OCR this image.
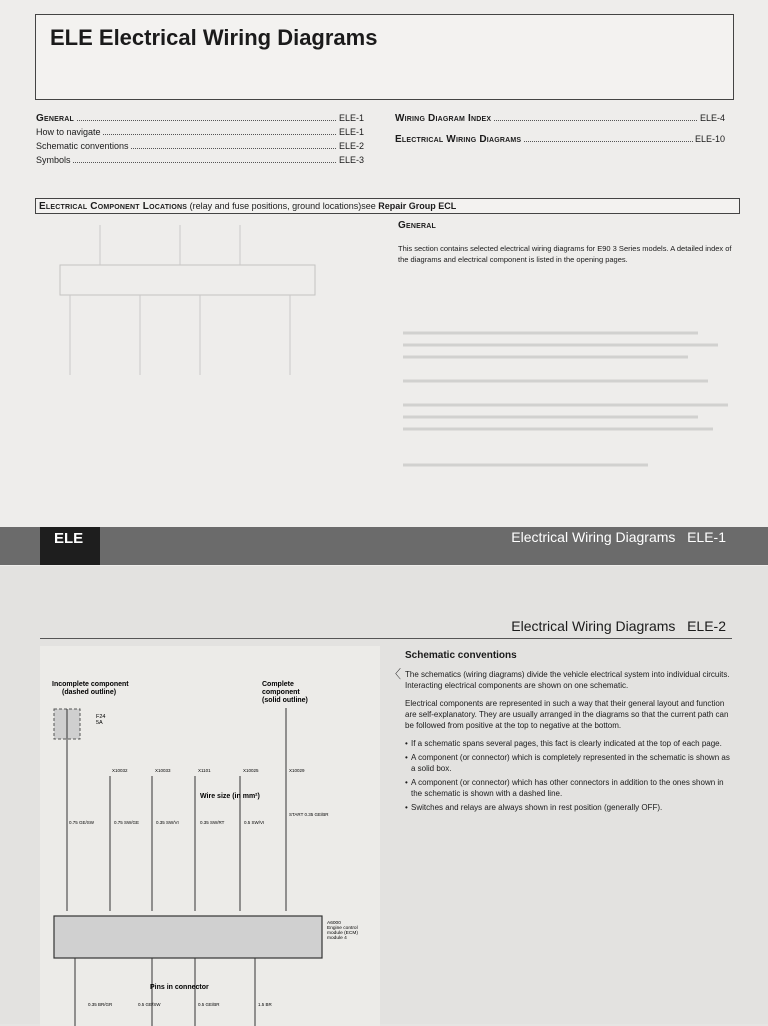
ELE Electrical Wiring Diagrams
General	ELE-1
How to navigate	ELE-1
Schematic conventions	ELE-2
Symbols	ELE-3
Wiring Diagram Index	ELE-4
Electrical Wiring Diagrams	ELE-10
Electrical Component Locations (relay and fuse positions, ground locations)see Repair Group ECL
General
This section contains selected electrical wiring diagrams for E90 3 Series models. A detailed index of the diagrams and electrical component is listed in the opening pages.
ELE	Electrical Wiring Diagrams   ELE-1
Electrical Wiring Diagrams   ELE-2
Incomplete component (dashed outline)
Complete component (solid outline)
F24 5A
X10032	X10033	X1101	X10025	X10029
Wire size (in mm²)
0.75 GE/SW	0.75 SW/GE	0.35 SW/VI	0.35 SW/RT	0.5 SW/VI
START 0.35 GE/BR
A6000 Engine control module (ECM) module 4
Pins in connector
0.35 BR/GR	0.5 GE/SW	0.5 GE/BR	1.5 BR
〈
Schematic conventions

The schematics (wiring diagrams) divide the vehicle electrical system into individual circuits. Interacting electrical components are shown on one schematic.

Electrical components are represented in such a way that their general layout and function are self-explanatory. They are usually arranged in the diagrams so that the current path can be followed from positive at the top to negative at the bottom.

• If a schematic spans several pages, this fact is clearly indicated at the top of each page.
• A component (or connector) which is completely represented in the schematic is shown as a solid box.
• A component (or connector) which has other connectors in addition to the ones shown in the schematic is shown with a dashed line.
• Switches and relays are always shown in rest position (generally OFF).
